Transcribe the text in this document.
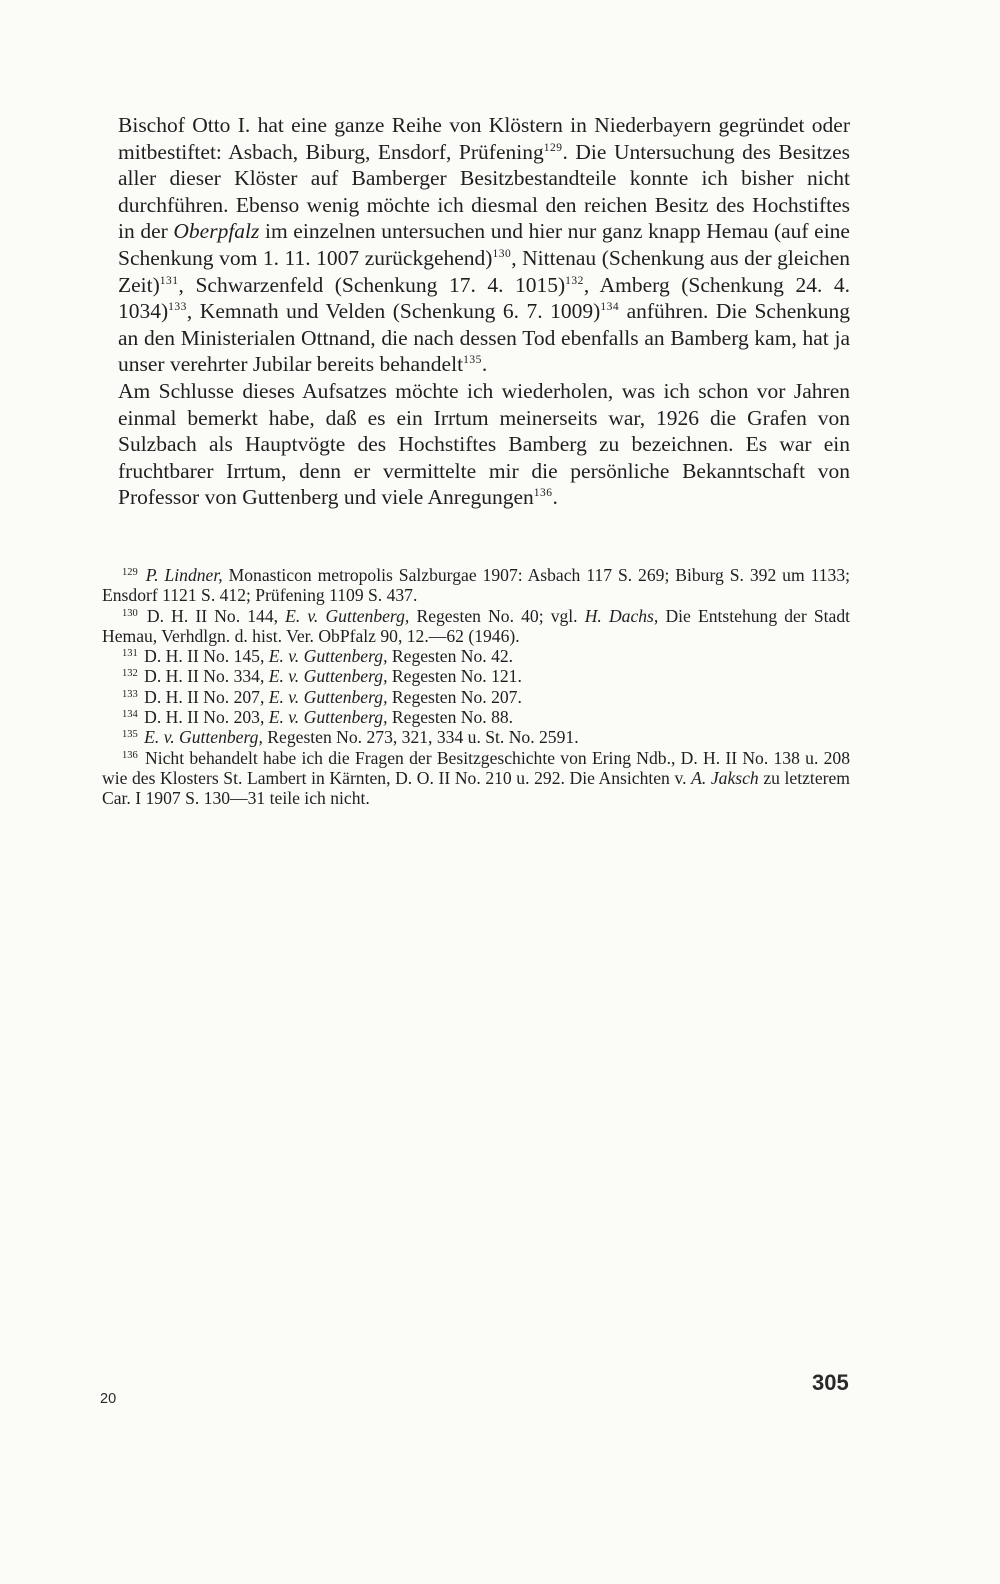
Bischof Otto I. hat eine ganze Reihe von Klöstern in Niederbayern gegründet oder mitbestiftet: Asbach, Biburg, Ensdorf, Prüfening$^{129}$. Die Untersuchung des Besitzes aller dieser Klöster auf Bamberger Besitzbestandteile konnte ich bisher nicht durchführen. Ebenso wenig möchte ich diesmal den reichen Besitz des Hochstiftes in der Oberpfalz im einzelnen untersuchen und hier nur ganz knapp Hemau (auf eine Schenkung vom 1. 11. 1007 zurückgehend)$^{130}$, Nittenau (Schenkung aus der gleichen Zeit)$^{131}$, Schwarzenfeld (Schenkung 17. 4. 1015)$^{132}$, Amberg (Schenkung 24. 4. 1034)$^{133}$, Kemnath und Velden (Schenkung 6. 7. 1009)$^{134}$ anführen. Die Schenkung an den Ministerialen Ottnand, die nach dessen Tod ebenfalls an Bamberg kam, hat ja unser verehrter Jubilar bereits behandelt$^{135}$.

Am Schlusse dieses Aufsatzes möchte ich wiederholen, was ich schon vor Jahren einmal bemerkt habe, daß es ein Irrtum meinerseits war, 1926 die Grafen von Sulzbach als Hauptvögte des Hochstiftes Bamberg zu bezeichnen. Es war ein fruchtbarer Irrtum, denn er vermittelte mir die persönliche Bekanntschaft von Professor von Guttenberg und viele Anregungen$^{136}$.

129 P. Lindner, Monasticon metropolis Salzburgae 1907: Asbach 117 S. 269; Biburg S. 392 um 1133; Ensdorf 1121 S. 412; Prüfening 1109 S. 437.

130 D. H. II No. 144, E. v. Guttenberg, Regesten No. 40; vgl. H. Dachs, Die Entstehung der Stadt Hemau, Verhdlgn. d. hist. Ver. ObPfalz 90, 12.—62 (1946).

131 D. H. II No. 145, E. v. Guttenberg, Regesten No. 42.

132 D. H. II No. 334, E. v. Guttenberg, Regesten No. 121.

133 D. H. II No. 207, E. v. Guttenberg, Regesten No. 207.

134 D. H. II No. 203, E. v. Guttenberg, Regesten No. 88.

135 E. v. Guttenberg, Regesten No. 273, 321, 334 u. St. No. 2591.

136 Nicht behandelt habe ich die Fragen der Besitzgeschichte von Ering Ndb., D. H. II No. 138 u. 208 wie des Klosters St. Lambert in Kärnten, D. O. II No. 210 u. 292. Die Ansichten v. A. Jaksch zu letzterem Car. I 1907 S. 130—31 teile ich nicht.

305
20
